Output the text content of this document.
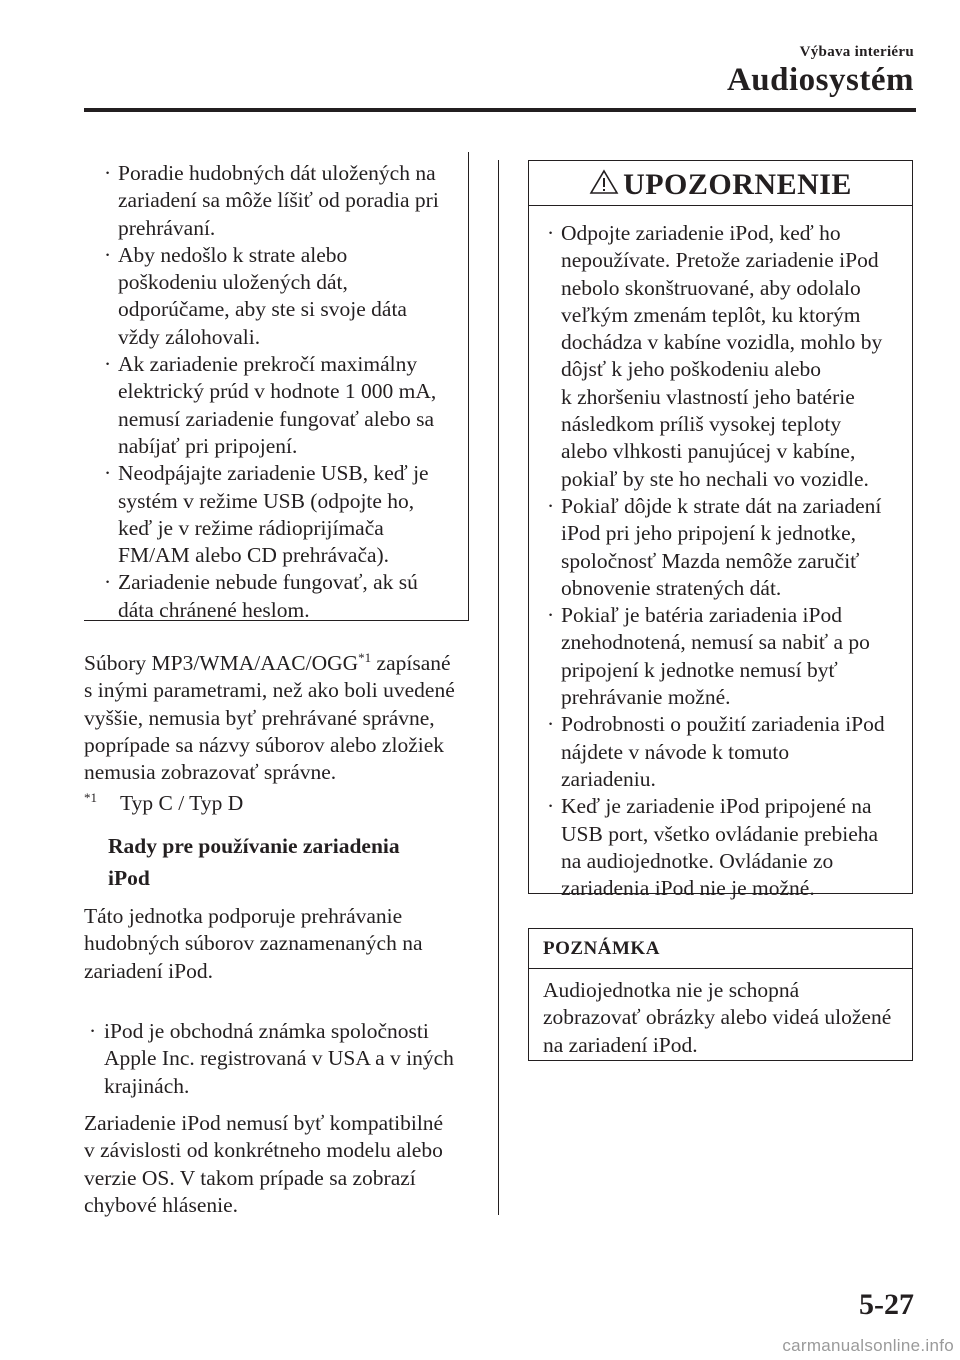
Výbava interiéru
Audiosystém
· Poradie hudobných dát uložených na
zariadení sa môže líšiť od poradia pri
prehrávaní.
· Aby nedošlo k strate alebo
poškodeniu uložených dát,
odporúčame, aby ste si svoje dáta
vždy zálohovali.
· Ak zariadenie prekročí maximálny
elektrický prúd v hodnote 1 000 mA,
nemusí zariadenie fungovať alebo sa
nabíjať pri pripojení.
· Neodpájajte zariadenie USB, keď je
systém v režime USB (odpojte ho,
keď je v režime rádioprijímača
FM/AM alebo CD prehrávača).
· Zariadenie nebude fungovať, ak sú
dáta chránené heslom.
Súbory MP3/WMA/AAC/OGG$^{*1}$ zapísané
s inými parametrami, než ako boli uvedené
vyššie, nemusia byť prehrávané správne,
poprípade sa názvy súborov alebo zložiek
nemusia zobrazovať správne.
$^{*1}$ Typ C / Typ D
Rady pre používanie zariadenia
iPod
Táto jednotka podporuje prehrávanie
hudobných súborov zaznamenaných na
zariadení iPod.
· iPod je obchodná známka spoločnosti
Apple Inc. registrovaná v USA a v iných
krajinách.
Zariadenie iPod nemusí byť kompatibilné
v závislosti od konkrétneho modelu alebo
verzie OS. V takom prípade sa zobrazí
chybové hlásenie.
UPOZORNENIE
· Odpojte zariadenie iPod, keď ho
nepoužívate. Pretože zariadenie iPod
nebolo skonštruované, aby odolalo
veľkým zmenám teplôt, ku ktorým
dochádza v kabíne vozidla, mohlo by
dôjsť k jeho poškodeniu alebo
k zhoršeniu vlastností jeho batérie
následkom príliš vysokej teploty
alebo vlhkosti panujúcej v kabíne,
pokiaľ by ste ho nechali vo vozidle.
· Pokiaľ dôjde k strate dát na zariadení
iPod pri jeho pripojení k jednotke,
spoločnosť Mazda nemôže zaručiť
obnovenie stratených dát.
· Pokiaľ je batéria zariadenia iPod
znehodnotená, nemusí sa nabiť a po
pripojení k jednotke nemusí byť
prehrávanie možné.
· Podrobnosti o použití zariadenia iPod
nájdete v návode k tomuto
zariadeniu.
· Keď je zariadenie iPod pripojené na
USB port, všetko ovládanie prebieha
na audiojednotke. Ovládanie zo
zariadenia iPod nie je možné.
POZNÁMKA
Audiojednotka nie je schopná
zobrazovať obrázky alebo videá uložené
na zariadení iPod.
5-27
carmanualsonline.info
